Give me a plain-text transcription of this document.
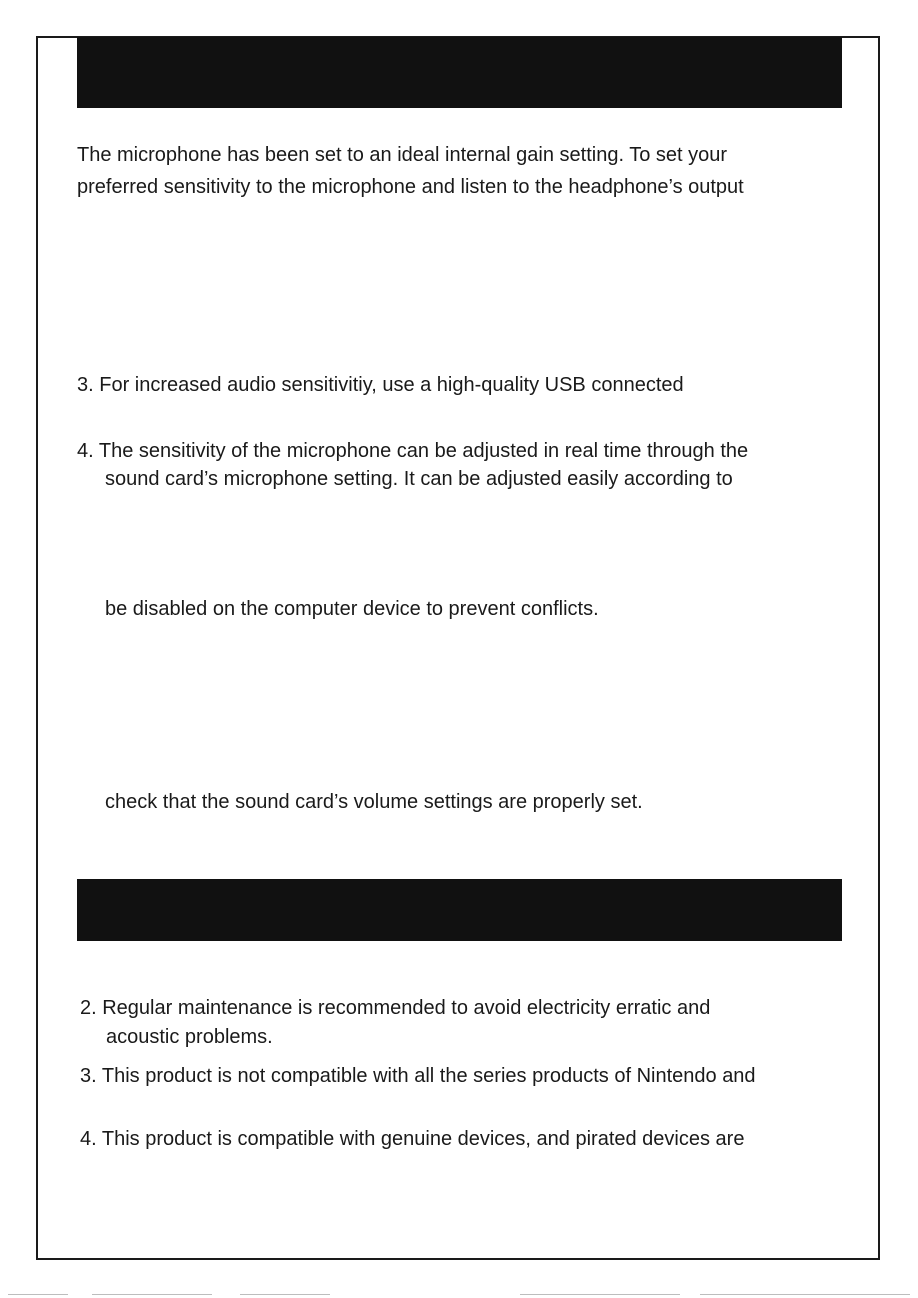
The microphone has been set to an ideal internal gain setting. To set your
preferred sensitivity to the microphone and listen to the headphone’s output
3. For increased audio sensitivitiy, use a high-quality USB connected
4. The sensitivity of the microphone can be adjusted in real time through the
sound card’s microphone setting. It can be adjusted easily according to
be disabled on the computer device to prevent conflicts.
check that the sound card’s volume settings are properly set.
2. Regular maintenance is recommended to avoid electricity erratic and
acoustic problems.
3. This product is not compatible with all the series products of Nintendo and
4. This product is compatible with genuine devices, and pirated devices are
